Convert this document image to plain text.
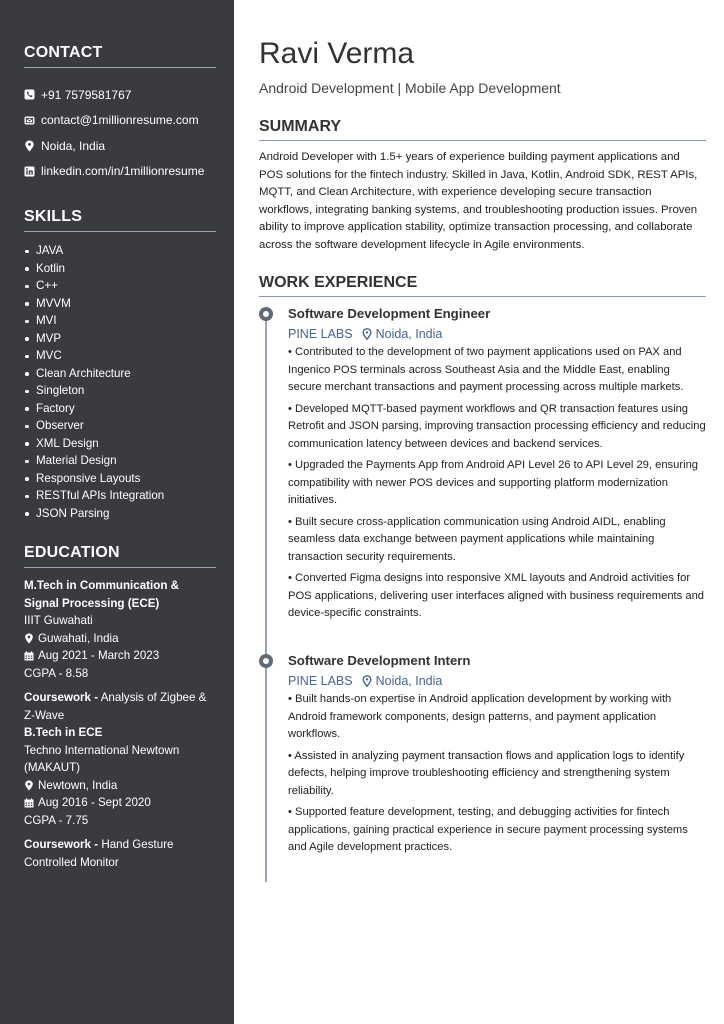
CONTACT
+91 7579581767
contact@1millionresume.com
Noida, India
linkedin.com/in/1millionresume
SKILLS
JAVA
Kotlin
C++
MVVM
MVI
MVP
MVC
Clean Architecture
Singleton
Factory
Observer
XML Design
Material Design
Responsive Layouts
RESTful APIs Integration
JSON Parsing
EDUCATION
M.Tech in Communication & Signal Processing (ECE)
IIIT Guwahati
Guwahati, India
Aug 2021 - March 2023
CGPA - 8.58
Coursework - Analysis of Zigbee & Z-Wave
B.Tech in ECE
Techno International Newtown (MAKAUT)
Newtown, India
Aug 2016 - Sept 2020
CGPA - 7.75
Coursework - Hand Gesture Controlled Monitor
Ravi Verma
Android Development | Mobile App Development
SUMMARY

Android Developer with 1.5+ years of experience building payment applications and POS solutions for the fintech industry. Skilled in Java, Kotlin, Android SDK, REST APIs, MQTT, and Clean Architecture, with experience developing secure transaction workflows, integrating banking systems, and troubleshooting production issues. Proven ability to improve application stability, optimize transaction processing, and collaborate across the software development lifecycle in Agile environments.

WORK EXPERIENCE
Software Development Engineer
PINE LABS Noida, India

• Contributed to the development of two payment applications used on PAX and Ingenico POS terminals across Southeast Asia and the Middle East, enabling secure merchant transactions and payment processing across multiple markets.

• Developed MQTT-based payment workflows and QR transaction features using Retrofit and JSON parsing, improving transaction processing efficiency and reducing communication latency between devices and backend services.

• Upgraded the Payments App from Android API Level 26 to API Level 29, ensuring compatibility with newer POS devices and supporting platform modernization initiatives.

• Built secure cross-application communication using Android AIDL, enabling seamless data exchange between payment applications while maintaining transaction security requirements.

• Converted Figma designs into responsive XML layouts and Android activities for POS applications, delivering user interfaces aligned with business requirements and device-specific constraints.

Software Development Intern
PINE LABS Noida, India

• Built hands-on expertise in Android application development by working with Android framework components, design patterns, and payment application workflows.

• Assisted in analyzing payment transaction flows and application logs to identify defects, helping improve troubleshooting efficiency and strengthening system reliability.

• Supported feature development, testing, and debugging activities for fintech applications, gaining practical experience in secure payment processing systems and Agile development practices.
